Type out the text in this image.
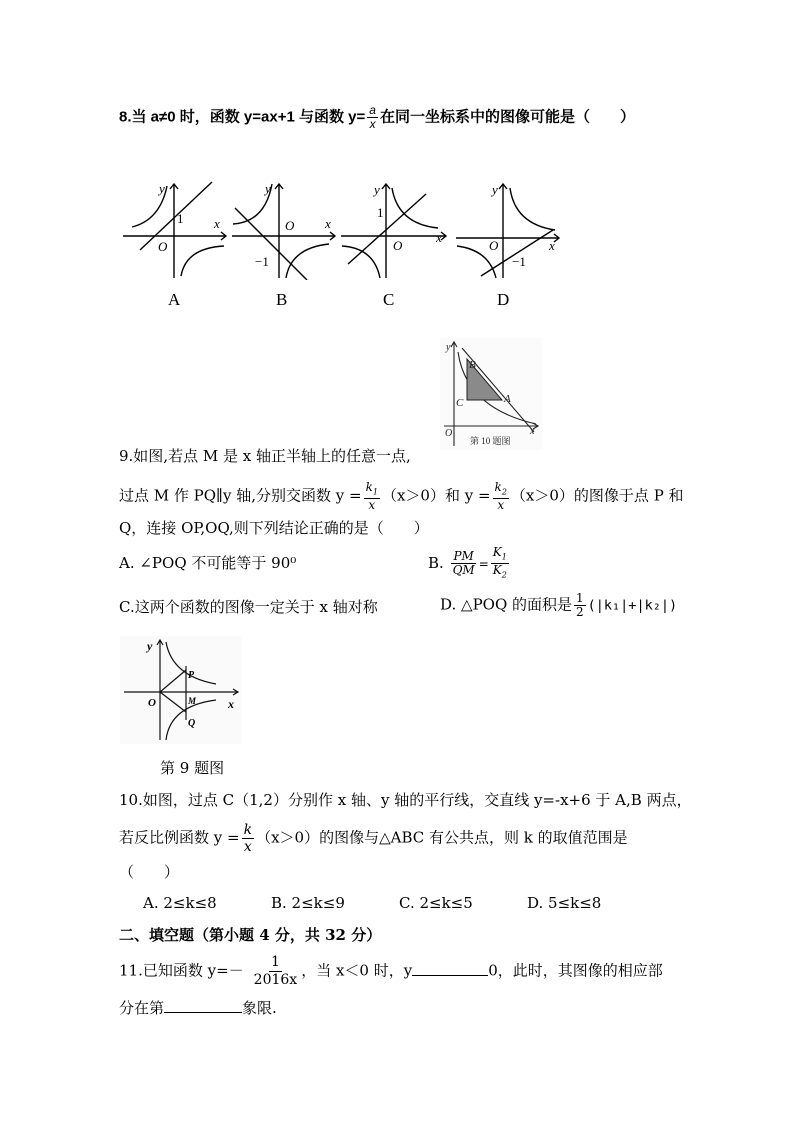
8.当 a≠0 时，函数 y=ax+1 与函数 $y= \frac{a}{x}$ 在同一坐标系中的图像可能是（　　）
y
x
O
1
A
y
x
O
−1
B
y
x
O
1
C
y
x
O
−1
D
y
x
O
B
C	A
第 10 题图
9.如图,若点 M 是 x 轴正半轴上的任意一点,
过点 M 作 PQ∥y 轴,分别交函数 $y = \frac{k_1}{x} (x>0)$和 $y = \frac{k_2}{x} (x>0)$的图像于点 P 和
Q，连接 OP,OQ,则下列结论正确的是（　　）
A. ∠POQ 不可能等于 90⁰	B. $\frac{PM}{QM} = \frac{K_1}{K_2}$
C.这两个函数的图像一定关于 x 轴对称	D. △POQ 的面积是 $\frac{1}{2} (|k_1|+|k_2|)$
y
x
O
P
M
Q
第 9 题图
10.如图，过点 C（1,2）分别作 x 轴、y 轴的平行线，交直线 y=-x+6 于 A,B 两点，
若反比例函数 $y = \frac{k}{x} (x>0)$的图像与△ABC 有公共点，则 k 的取值范围是
（　　）
A. 2≤k≤8	B. 2≤k≤9	C. 2≤k≤5	D. 5≤k≤8
二、填空题（第小题 4 分，共 32 分）
11.已知函数 $y=- \frac{1}{2016x}$ ，当 x＜0 时，y	0，此时，其图像的相应部
分在第	象限.
